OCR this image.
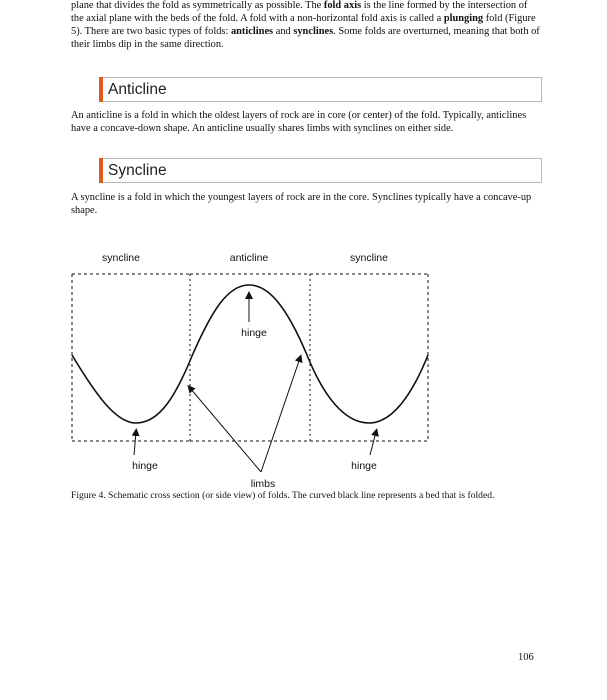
plane that divides the fold as symmetrically as possible. The fold axis is the line formed by the intersection of the axial plane with the beds of the fold. A fold with a non-horizontal fold axis is called a plunging fold (Figure 5). There are two basic types of folds: anticlines and synclines. Some folds are overturned, meaning that both of their limbs dip in the same direction.

Anticline

An anticline is a fold in which the oldest layers of rock are in core (or center) of the fold. Typically, anticlines have a concave-down shape. An anticline usually shares limbs with synclines on either side.

Syncline

A syncline is a fold in which the youngest layers of rock are in the core. Synclines typically have a concave-up shape.

syncline	anticline	syncline
hinge
hinge	hinge
limbs

Figure 4. Schematic cross section (or side view) of folds. The curved black line represents a bed that is folded.

106
